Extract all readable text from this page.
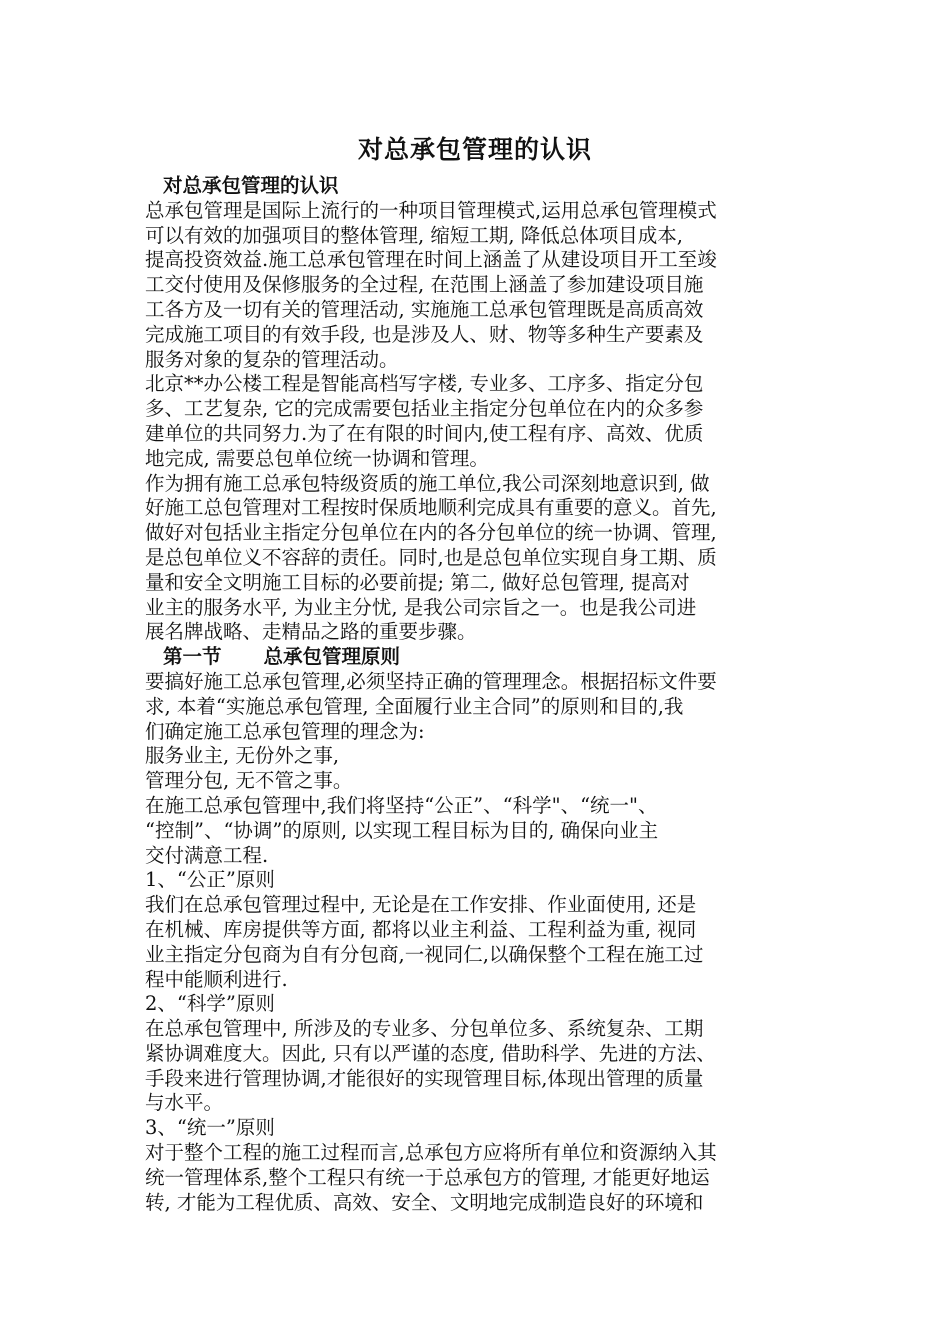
对总承包管理的认识
对总承包管理的认识
总承包管理是国际上流行的一种项目管理模式,运用总承包管理模式
可以有效的加强项目的整体管理, 缩短工期, 降低总体项目成本,
提高投资效益.施工总承包管理在时间上涵盖了从建设项目开工至竣
工交付使用及保修服务的全过程, 在范围上涵盖了参加建设项目施
工各方及一切有关的管理活动, 实施施工总承包管理既是高质高效
完成施工项目的有效手段, 也是涉及人、财、物等多种生产要素及
服务对象的复杂的管理活动。
北京**办公楼工程是智能高档写字楼, 专业多、工序多、指定分包
多、工艺复杂, 它的完成需要包括业主指定分包单位在内的众多参
建单位的共同努力.为了在有限的时间内,使工程有序、高效、优质
地完成, 需要总包单位统一协调和管理。
作为拥有施工总承包特级资质的施工单位,我公司深刻地意识到, 做
好施工总包管理对工程按时保质地顺利完成具有重要的意义。首先,
做好对包括业主指定分包单位在内的各分包单位的统一协调、管理,
是总包单位义不容辞的责任。同时,也是总包单位实现自身工期、质
量和安全文明施工目标的必要前提; 第二, 做好总包管理, 提高对
业主的服务水平, 为业主分忧, 是我公司宗旨之一。也是我公司进
展名牌战略、走精品之路的重要步骤。
第一节 总承包管理原则
要搞好施工总承包管理,必须坚持正确的管理理念。根据招标文件要
求, 本着“实施总承包管理, 全面履行业主合同”的原则和目的,我
们确定施工总承包管理的理念为:
服务业主, 无份外之事,
管理分包, 无不管之事。
在施工总承包管理中,我们将坚持“公正”、“科学"、“统一"、
“控制”、“协调”的原则, 以实现工程目标为目的, 确保向业主
交付满意工程.
1、“公正”原则
我们在总承包管理过程中, 无论是在工作安排、作业面使用, 还是
在机械、库房提供等方面, 都将以业主利益、工程利益为重, 视同
业主指定分包商为自有分包商,一视同仁,以确保整个工程在施工过
程中能顺利进行.
2、“科学”原则
在总承包管理中, 所涉及的专业多、分包单位多、系统复杂、工期
紧协调难度大。因此, 只有以严谨的态度, 借助科学、先进的方法、
手段来进行管理协调,才能很好的实现管理目标,体现出管理的质量
与水平。
3、“统一”原则
对于整个工程的施工过程而言,总承包方应将所有单位和资源纳入其
统一管理体系,整个工程只有统一于总承包方的管理, 才能更好地运
转, 才能为工程优质、高效、安全、文明地完成制造良好的环境和
